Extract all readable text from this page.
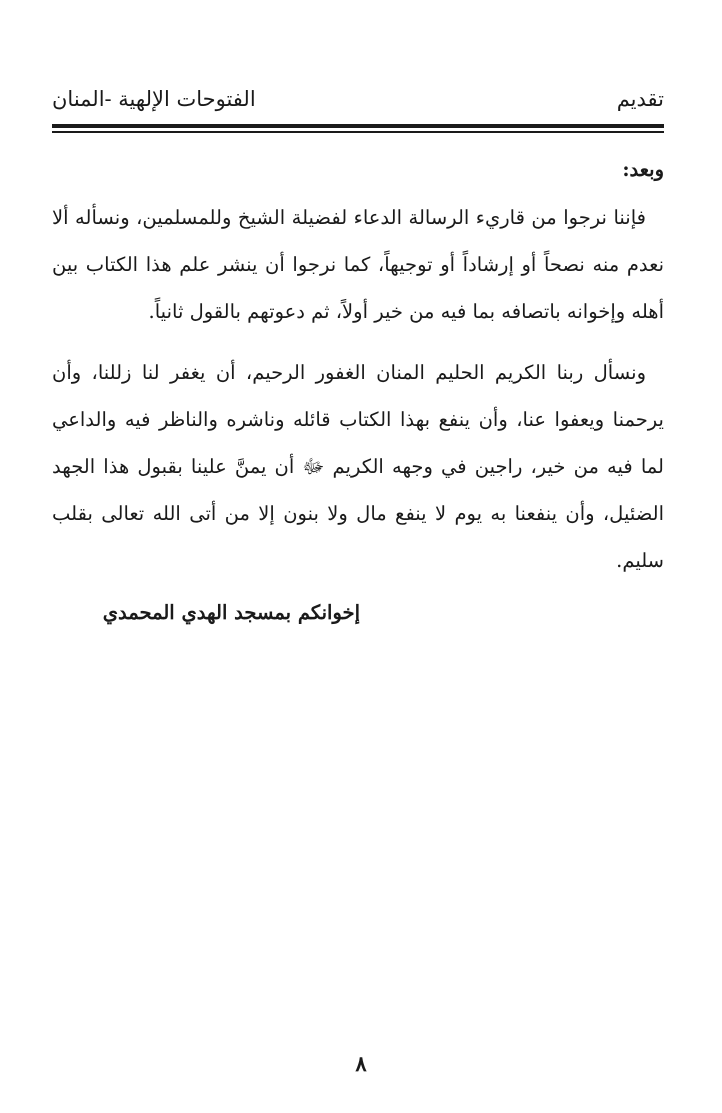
تقديم
الفتوحات الإلهية -المنان

وبعد:

فإننا نرجوا من قاريء الرسالة الدعاء لفضيلة الشيخ وللمسلمين، ونسأله ألا نعدم منه نصحاً أو إرشاداً أو توجيهاً، كما نرجوا أن ينشر علم هذا الكتاب بين أهله وإخوانه باتصافه بما فيه من خير أولاً، ثم دعوتهم بالقول ثانياً.

ونسأل ربنا الكريم الحليم المنان الغفور الرحيم، أن يغفر لنا زللنا، وأن يرحمنا ويعفوا عنا، وأن ينفع بهذا الكتاب قائله وناشره والناظر فيه والداعي لما فيه من خير، راجين في وجهه الكريم ﷻ أن يمنَّ علينا بقبول هذا الجهد الضئيل، وأن ينفعنا به يوم لا ينفع مال ولا بنون إلا من أتى الله تعالى بقلب سليم.

إخوانكم بمسجد الهدي المحمدي
٨
